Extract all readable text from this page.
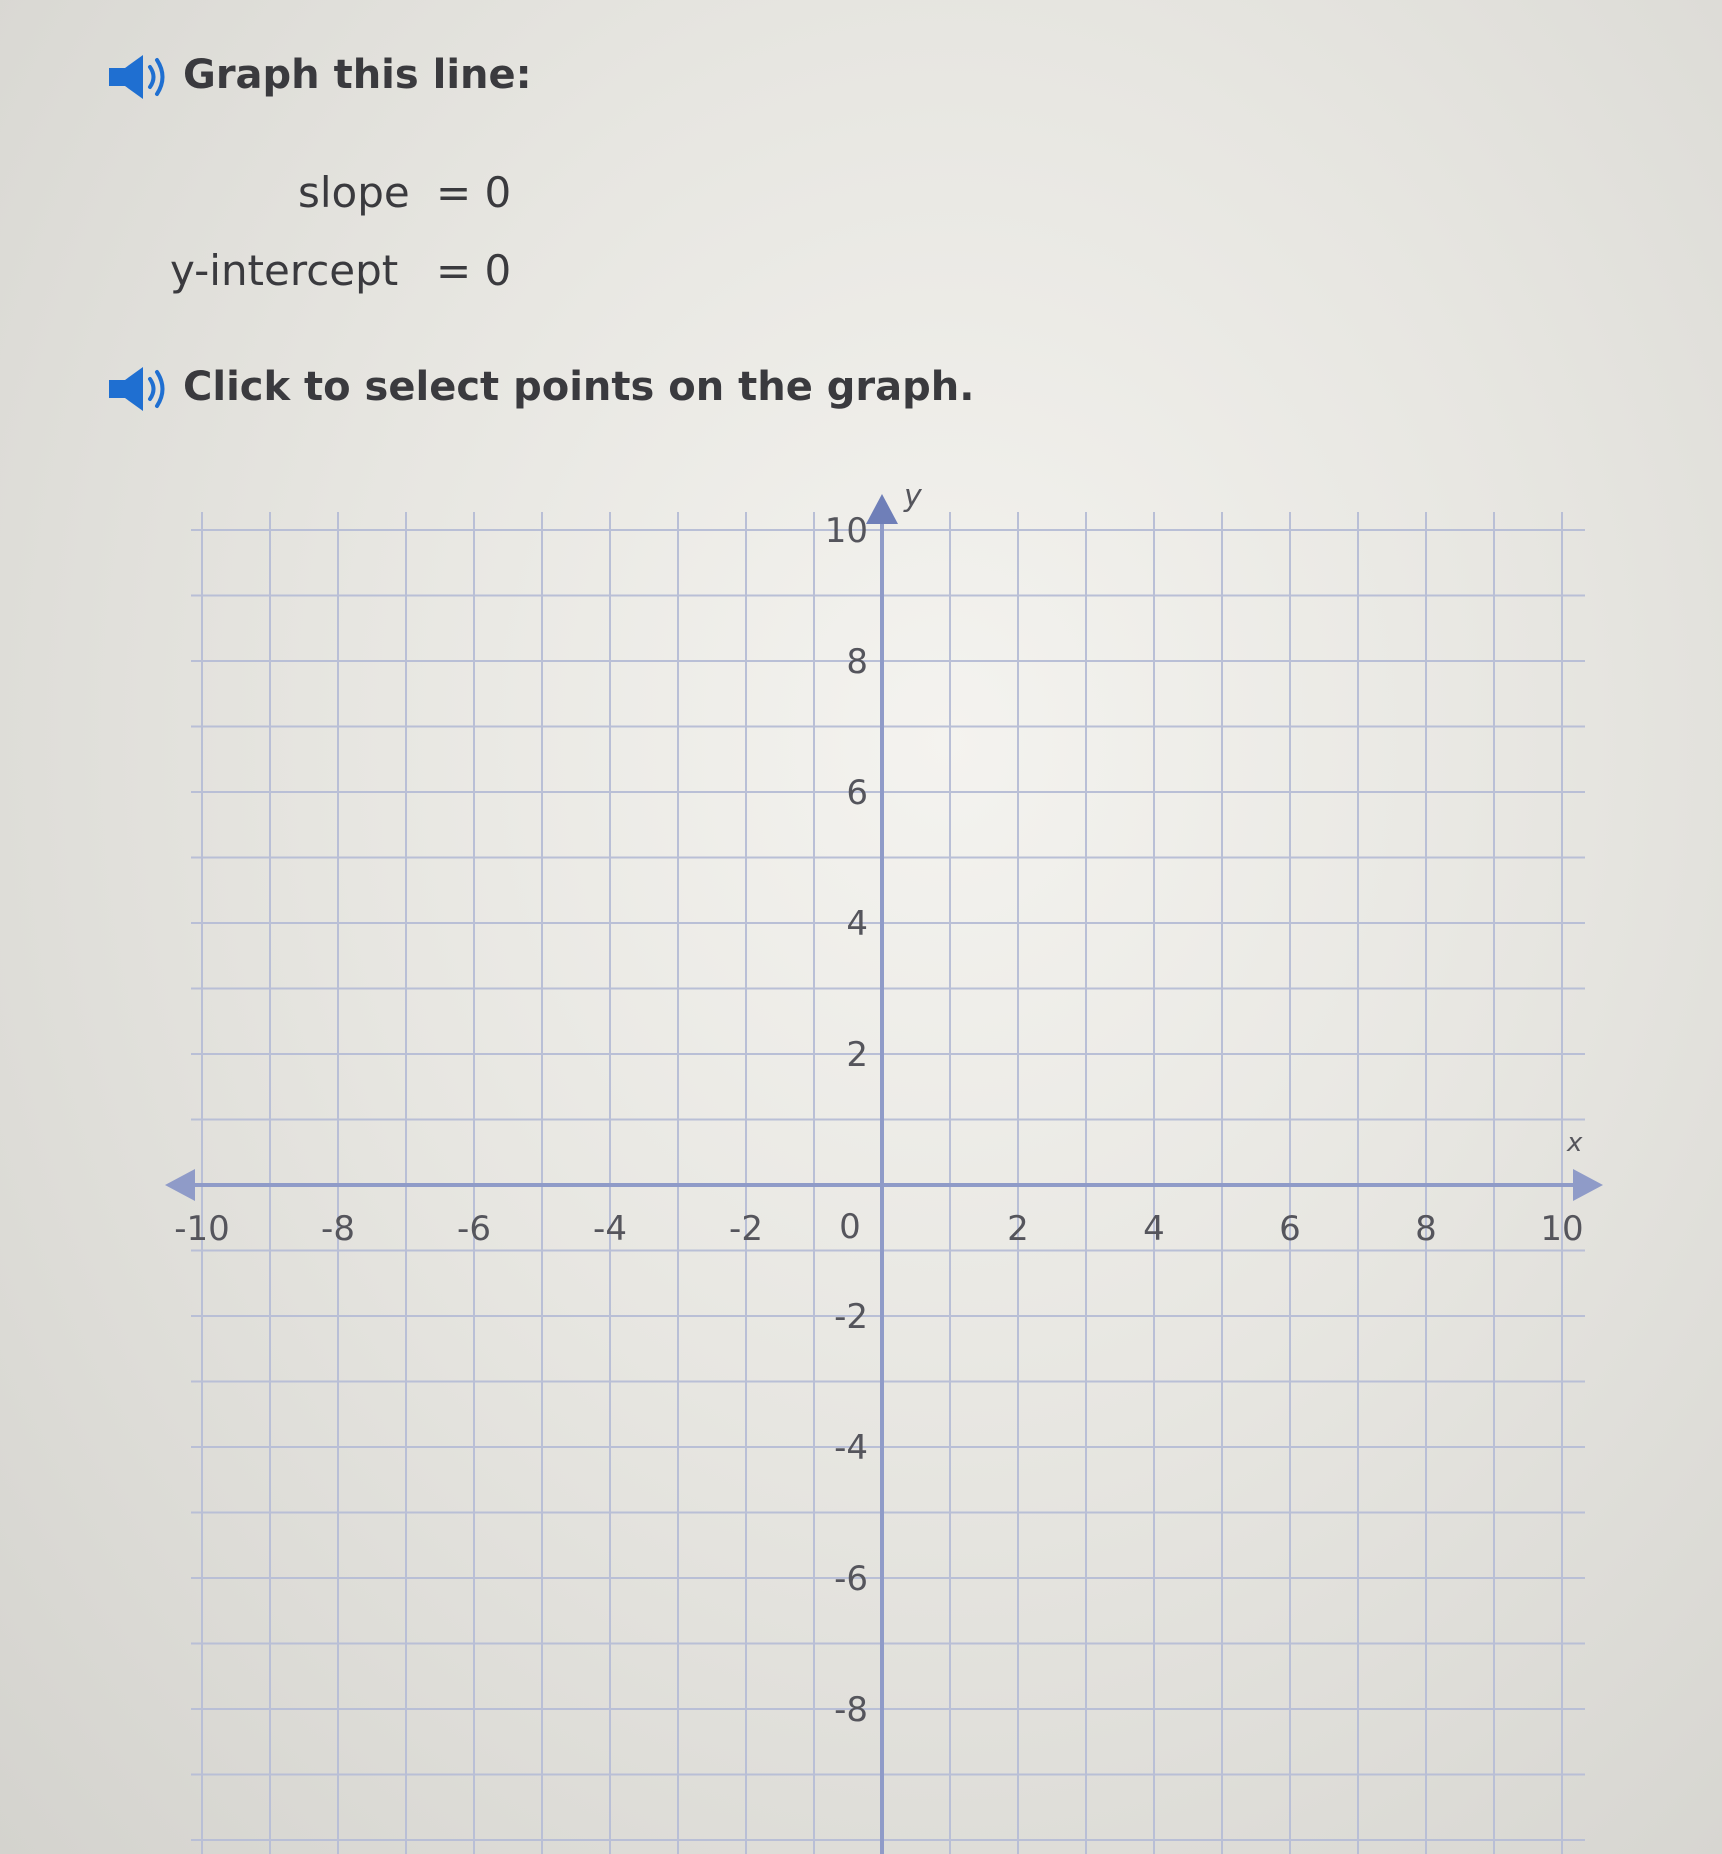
Graph this line:
slope = 0
y-intercept = 0
Click to select points on the graph.
x
y
-10	-8	-6	-4	-2	2	4	6	8	10
0
10
8
6
4
2
-2
-4
-6
-8
